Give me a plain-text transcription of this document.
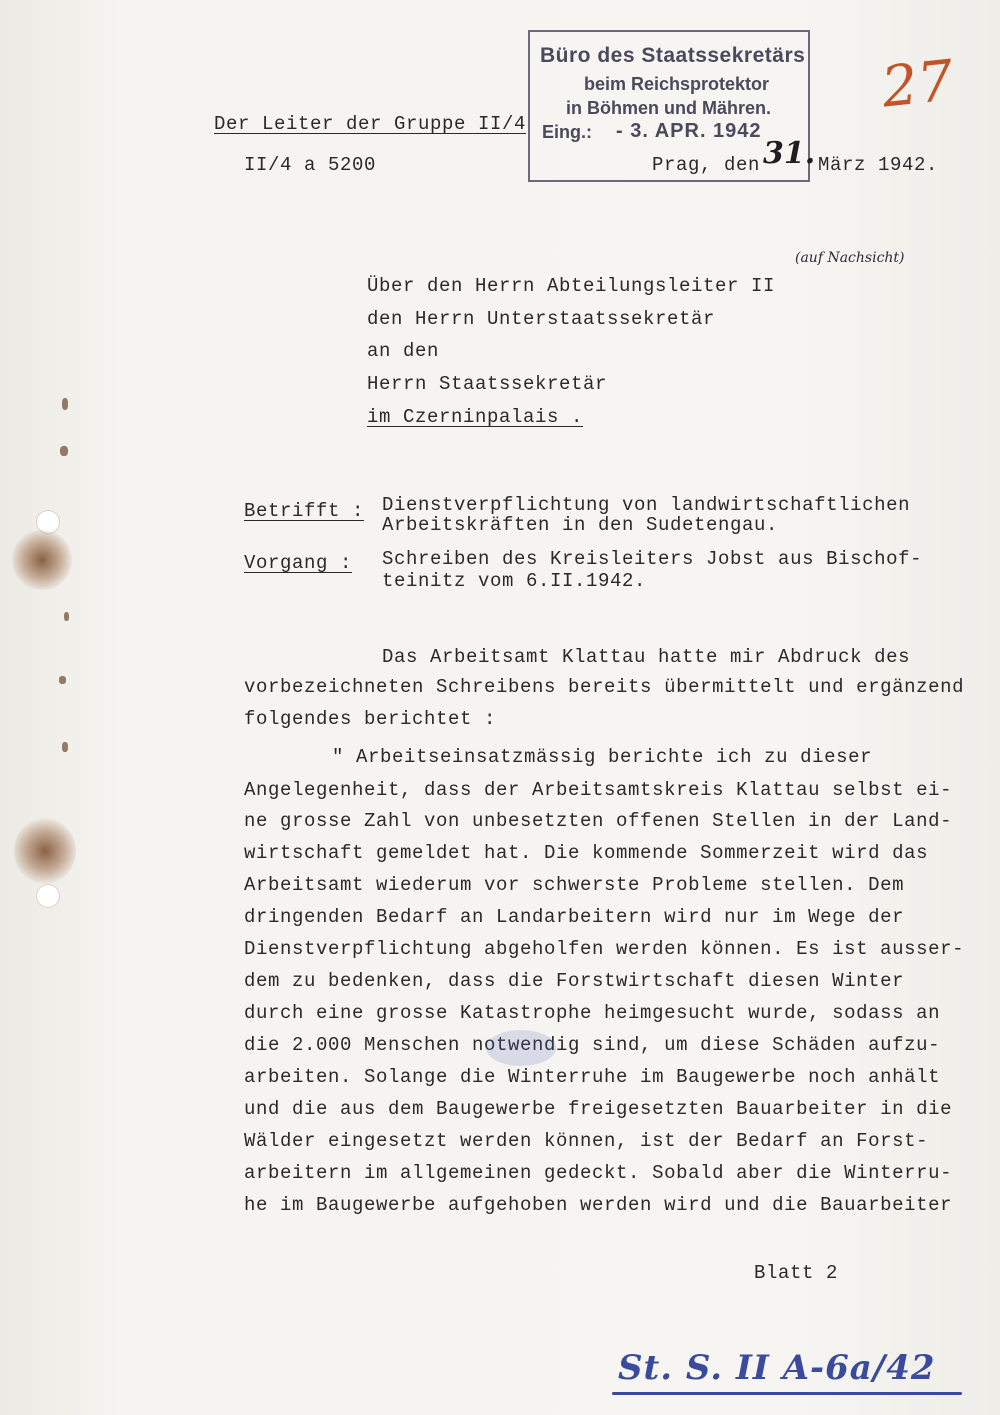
27
Büro des Staatssekretärs
beim Reichsprotektor
in Böhmen und Mähren.
Eing.: - 3. APR. 1942
Der Leiter der Gruppe II/4
II/4 a 5200	Prag, den 31. März 1942.
Über den Herrn Abteilungsleiter II
(auf Nachsicht)
den Herrn Unterstaatssekretär
an den
Herrn Staatssekretär
im Czerninpalais .
Betrifft : Dienstverpflichtung von landwirtschaftlichen
Arbeitskräften in den Sudetengau.
Vorgang : Schreiben des Kreisleiters Jobst aus Bischof-
teinitz vom 6.II.1942.
Das Arbeitsamt Klattau hatte mir Abdruck des
vorbezeichneten Schreibens bereits übermittelt und ergänzend
folgendes berichtet :
" Arbeitseinsatzmässig berichte ich zu dieser
Angelegenheit, dass der Arbeitsamtskreis Klattau selbst ei-
ne grosse Zahl von unbesetzten offenen Stellen in der Land-
wirtschaft gemeldet hat. Die kommende Sommerzeit wird das
Arbeitsamt wiederum vor schwerste Probleme stellen. Dem
dringenden Bedarf an Landarbeitern wird nur im Wege der
Dienstverpflichtung abgeholfen werden können. Es ist ausser-
dem zu bedenken, dass die Forstwirtschaft diesen Winter
durch eine grosse Katastrophe heimgesucht wurde, sodass an
die 2.000 Menschen notwendig sind, um diese Schäden aufzu-
arbeiten. Solange die Winterruhe im Baugewerbe noch anhält
und die aus dem Baugewerbe freigesetzten Bauarbeiter in die
Wälder eingesetzt werden können, ist der Bedarf an Forst-
arbeitern im allgemeinen gedeckt. Sobald aber die Winterru-
he im Baugewerbe aufgehoben werden wird und die Bauarbeiter
Blatt 2
St. S. II A-6a/42
